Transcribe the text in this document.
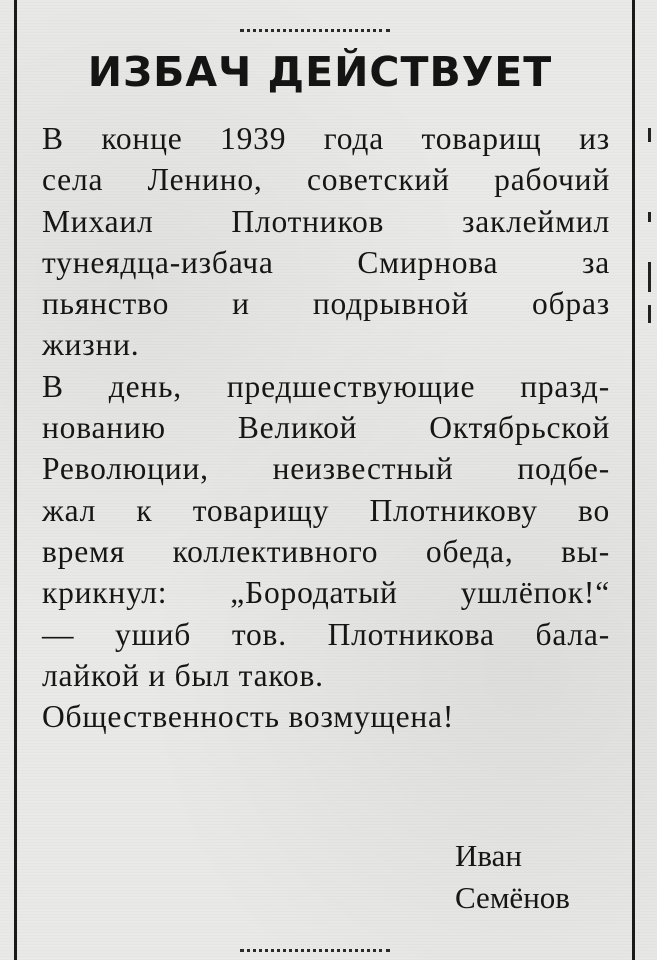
ИЗБАЧ ДЕЙСТВУЕТ
В конце 1939 года товарищ из
села Ленино, советский рабочий
Михаил Плотников заклеймил
тунеядца-избача Смирнова за
пьянство и подрывной образ
жизни.
В день, предшествующие празд-
нованию Великой Октябрьской
Революции, неизвестный подбе-
жал к товарищу Плотникову во
время коллективного обеда, вы-
крикнул: „Бородатый ушлёпок!“
— ушиб тов. Плотникова бала-
лайкой и был таков.
Общественность возмущена!
Иван
Семёнов
